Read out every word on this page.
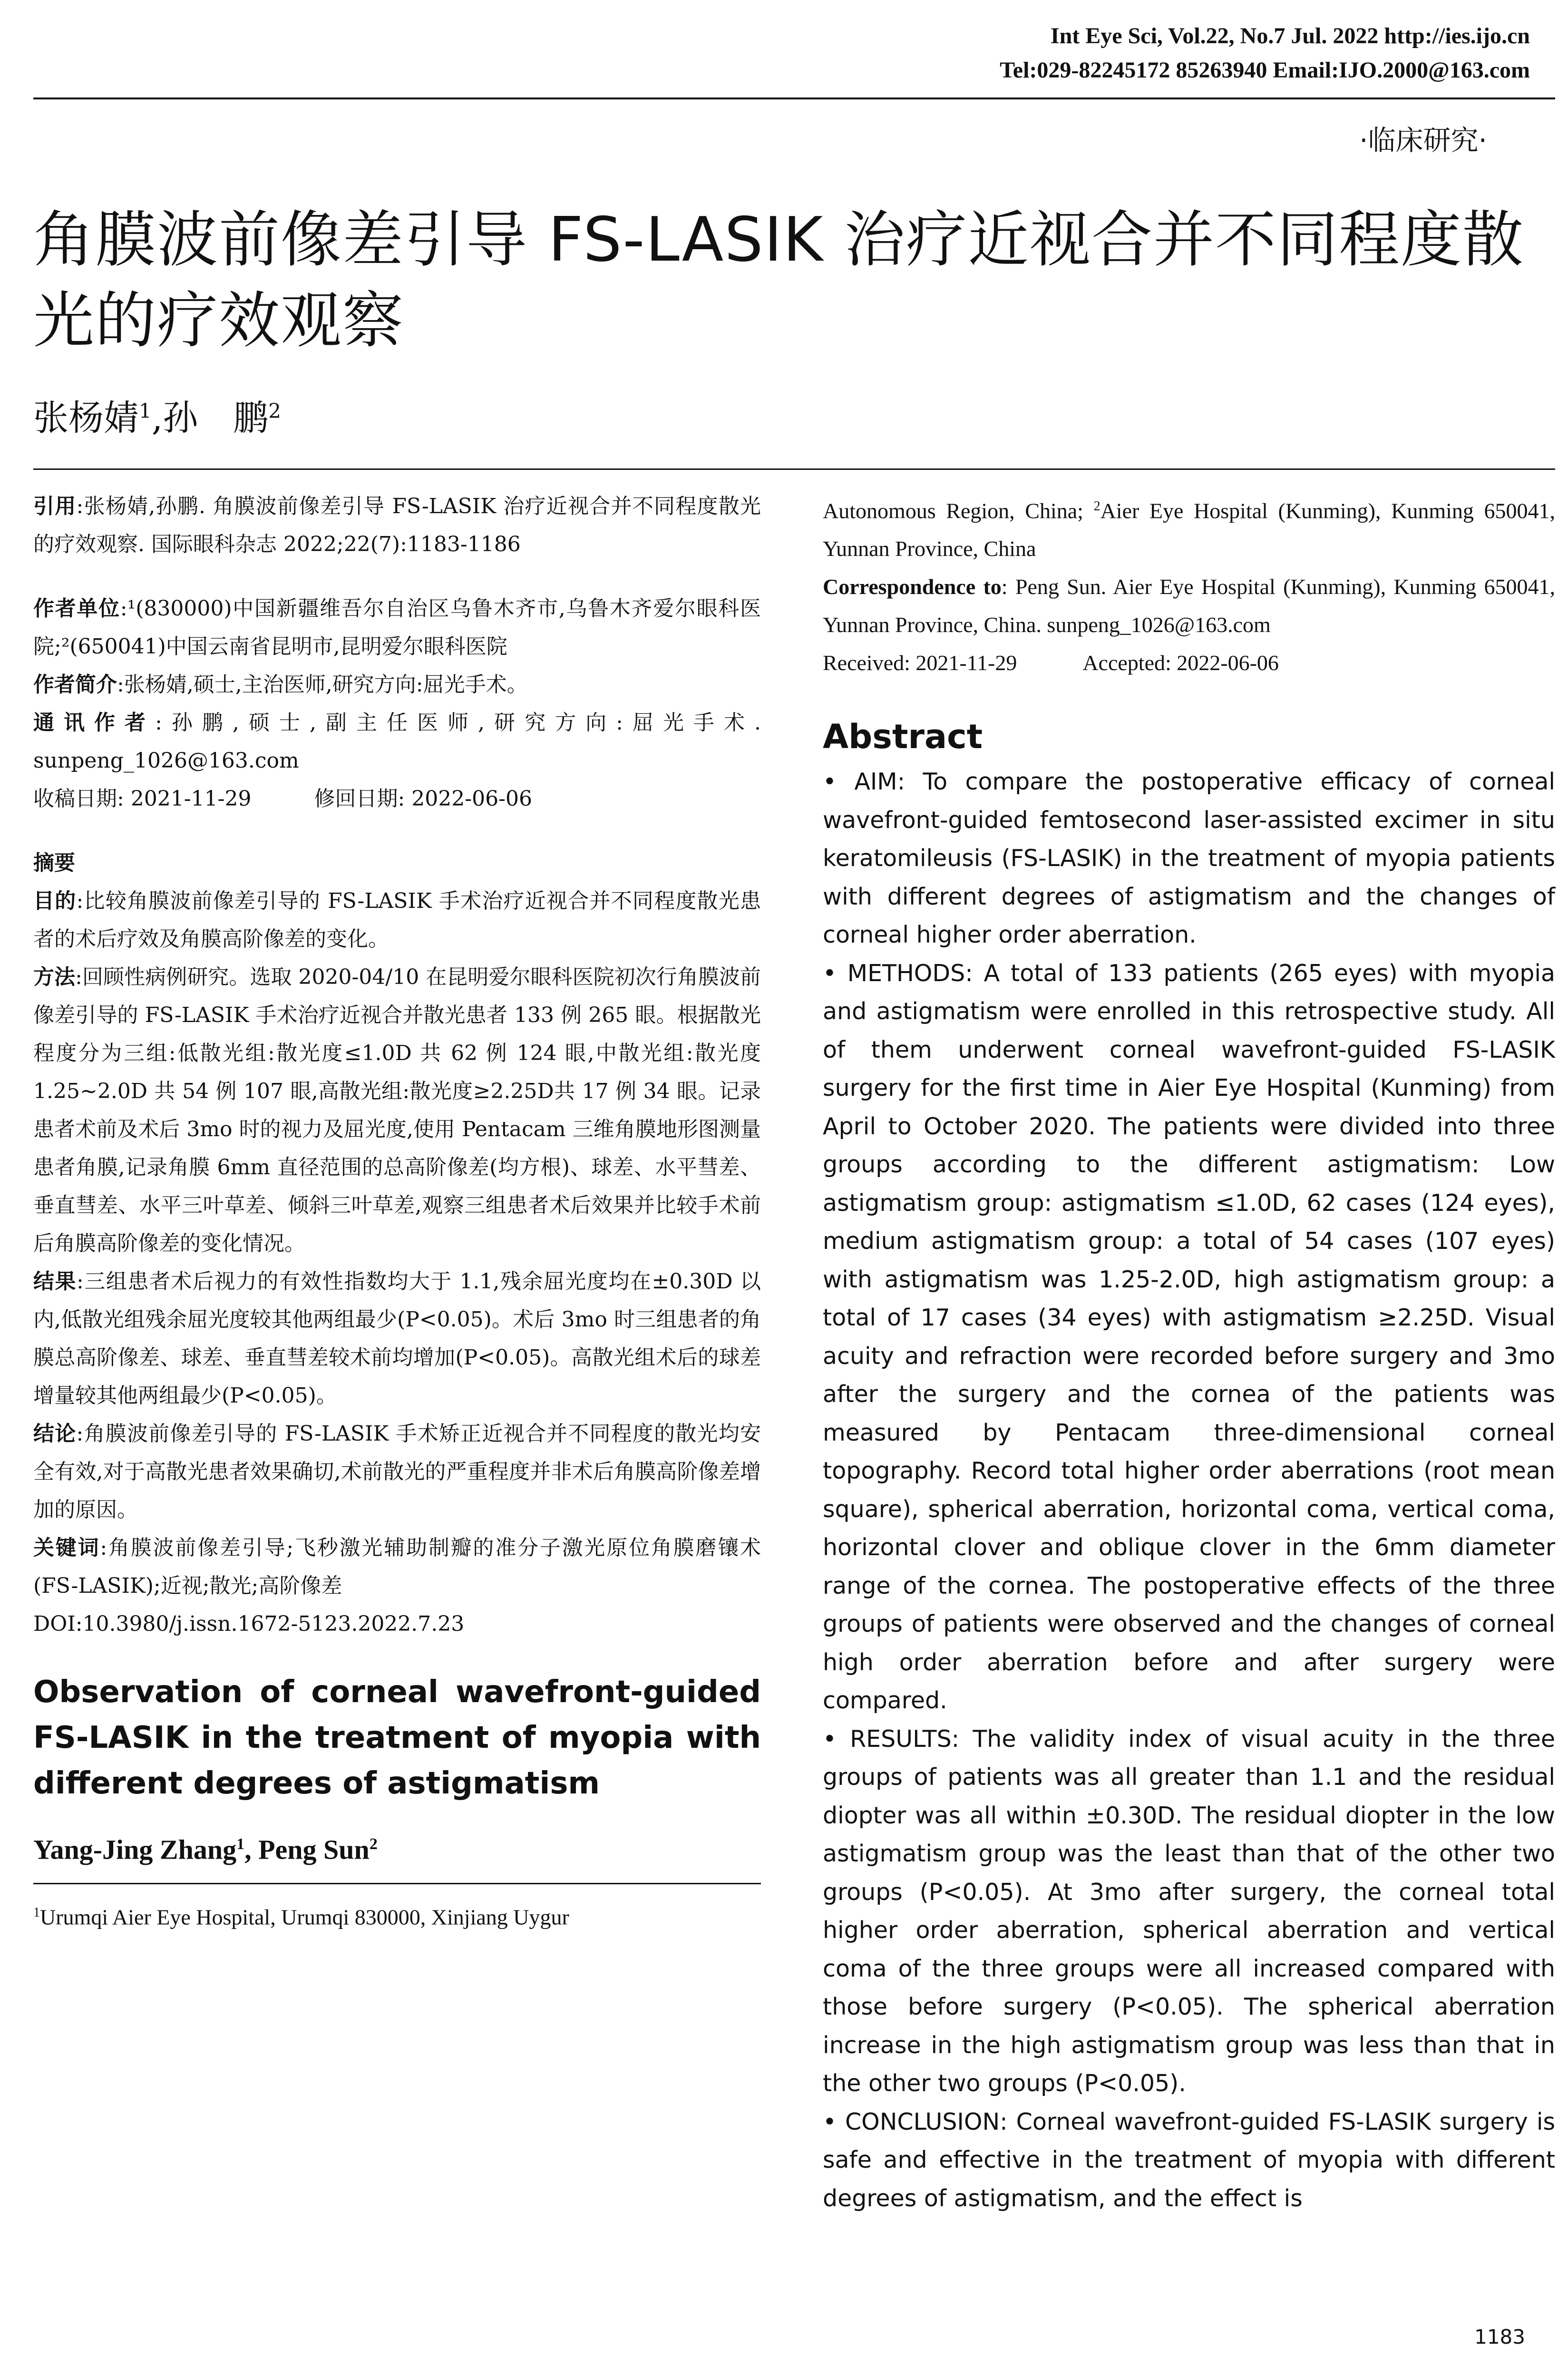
Int Eye Sci, Vol.22, No.7 Jul. 2022 http://ies.ijo.cn
Tel:029-82245172 85263940 Email:IJO.2000@163.com
·临床研究·
角膜波前像差引导 FS-LASIK 治疗近视合并不同程度散光的疗效观察
张杨婧$^1$,孙　鹏$^2$

引用:张杨婧,孙鹏. 角膜波前像差引导 FS-LASIK 治疗近视合并不同程度散光的疗效观察. 国际眼科杂志 2022;22(7):1183-1186

作者单位:¹(830000)中国新疆维吾尔自治区乌鲁木齐市,乌鲁木齐爱尔眼科医院;²(650041)中国云南省昆明市,昆明爱尔眼科医院

作者简介:张杨婧,硕士,主治医师,研究方向:屈光手术。

通讯作者:孙鹏,硕士,副主任医师,研究方向:屈光手术. sunpeng_1026@163.com

收稿日期: 2021-11-29　　　修回日期: 2022-06-06

摘要

目的:比较角膜波前像差引导的 FS-LASIK 手术治疗近视合并不同程度散光患者的术后疗效及角膜高阶像差的变化。

方法:回顾性病例研究。选取 2020-04/10 在昆明爱尔眼科医院初次行角膜波前像差引导的 FS-LASIK 手术治疗近视合并散光患者 133 例 265 眼。根据散光程度分为三组:低散光组:散光度≤1.0D 共 62 例 124 眼,中散光组:散光度 1.25~2.0D 共 54 例 107 眼,高散光组:散光度≥2.25D共 17 例 34 眼。记录患者术前及术后 3mo 时的视力及屈光度,使用 Pentacam 三维角膜地形图测量患者角膜,记录角膜 6mm 直径范围的总高阶像差(均方根)、球差、水平彗差、垂直彗差、水平三叶草差、倾斜三叶草差,观察三组患者术后效果并比较手术前后角膜高阶像差的变化情况。

结果:三组患者术后视力的有效性指数均大于 1.1,残余屈光度均在±0.30D 以内,低散光组残余屈光度较其他两组最少(P<0.05)。术后 3mo 时三组患者的角膜总高阶像差、球差、垂直彗差较术前均增加(P<0.05)。高散光组术后的球差增量较其他两组最少(P<0.05)。

结论:角膜波前像差引导的 FS-LASIK 手术矫正近视合并不同程度的散光均安全有效,对于高散光患者效果确切,术前散光的严重程度并非术后角膜高阶像差增加的原因。

关键词:角膜波前像差引导;飞秒激光辅助制瓣的准分子激光原位角膜磨镶术(FS-LASIK);近视;散光;高阶像差

DOI:10.3980/j.issn.1672-5123.2022.7.23

Observation of corneal wavefront-guided FS-LASIK in the treatment of myopia with different degrees of astigmatism

Yang-Jing Zhang$^1$, Peng Sun$^2$

$^1$Urumqi Aier Eye Hospital, Urumqi 830000, Xinjiang Uygur

Autonomous Region, China; $^2$Aier Eye Hospital (Kunming), Kunming 650041, Yunnan Province, China

Correspondence to: Peng Sun. Aier Eye Hospital (Kunming), Kunming 650041, Yunnan Province, China. sunpeng_1026@163.com

Received: 2021-11-29　　　Accepted: 2022-06-06

Abstract

• AIM: To compare the postoperative efficacy of corneal wavefront-guided femtosecond laser-assisted excimer in situ keratomileusis (FS-LASIK) in the treatment of myopia patients with different degrees of astigmatism and the changes of corneal higher order aberration.

• METHODS: A total of 133 patients (265 eyes) with myopia and astigmatism were enrolled in this retrospective study. All of them underwent corneal wavefront-guided FS-LASIK surgery for the first time in Aier Eye Hospital (Kunming) from April to October 2020. The patients were divided into three groups according to the different astigmatism: Low astigmatism group: astigmatism ≤1.0D, 62 cases (124 eyes), medium astigmatism group: a total of 54 cases (107 eyes) with astigmatism was 1.25-2.0D, high astigmatism group: a total of 17 cases (34 eyes) with astigmatism ≥2.25D. Visual acuity and refraction were recorded before surgery and 3mo after the surgery and the cornea of the patients was measured by Pentacam three-dimensional corneal topography. Record total higher order aberrations (root mean square), spherical aberration, horizontal coma, vertical coma, horizontal clover and oblique clover in the 6mm diameter range of the cornea. The postoperative effects of the three groups of patients were observed and the changes of corneal high order aberration before and after surgery were compared.

• RESULTS: The validity index of visual acuity in the three groups of patients was all greater than 1.1 and the residual diopter was all within ±0.30D. The residual diopter in the low astigmatism group was the least than that of the other two groups (P<0.05). At 3mo after surgery, the corneal total higher order aberration, spherical aberration and vertical coma of the three groups were all increased compared with those before surgery (P<0.05). The spherical aberration increase in the high astigmatism group was less than that in the other two groups (P<0.05).

• CONCLUSION: Corneal wavefront-guided FS-LASIK surgery is safe and effective in the treatment of myopia with different degrees of astigmatism, and the effect is

1183
